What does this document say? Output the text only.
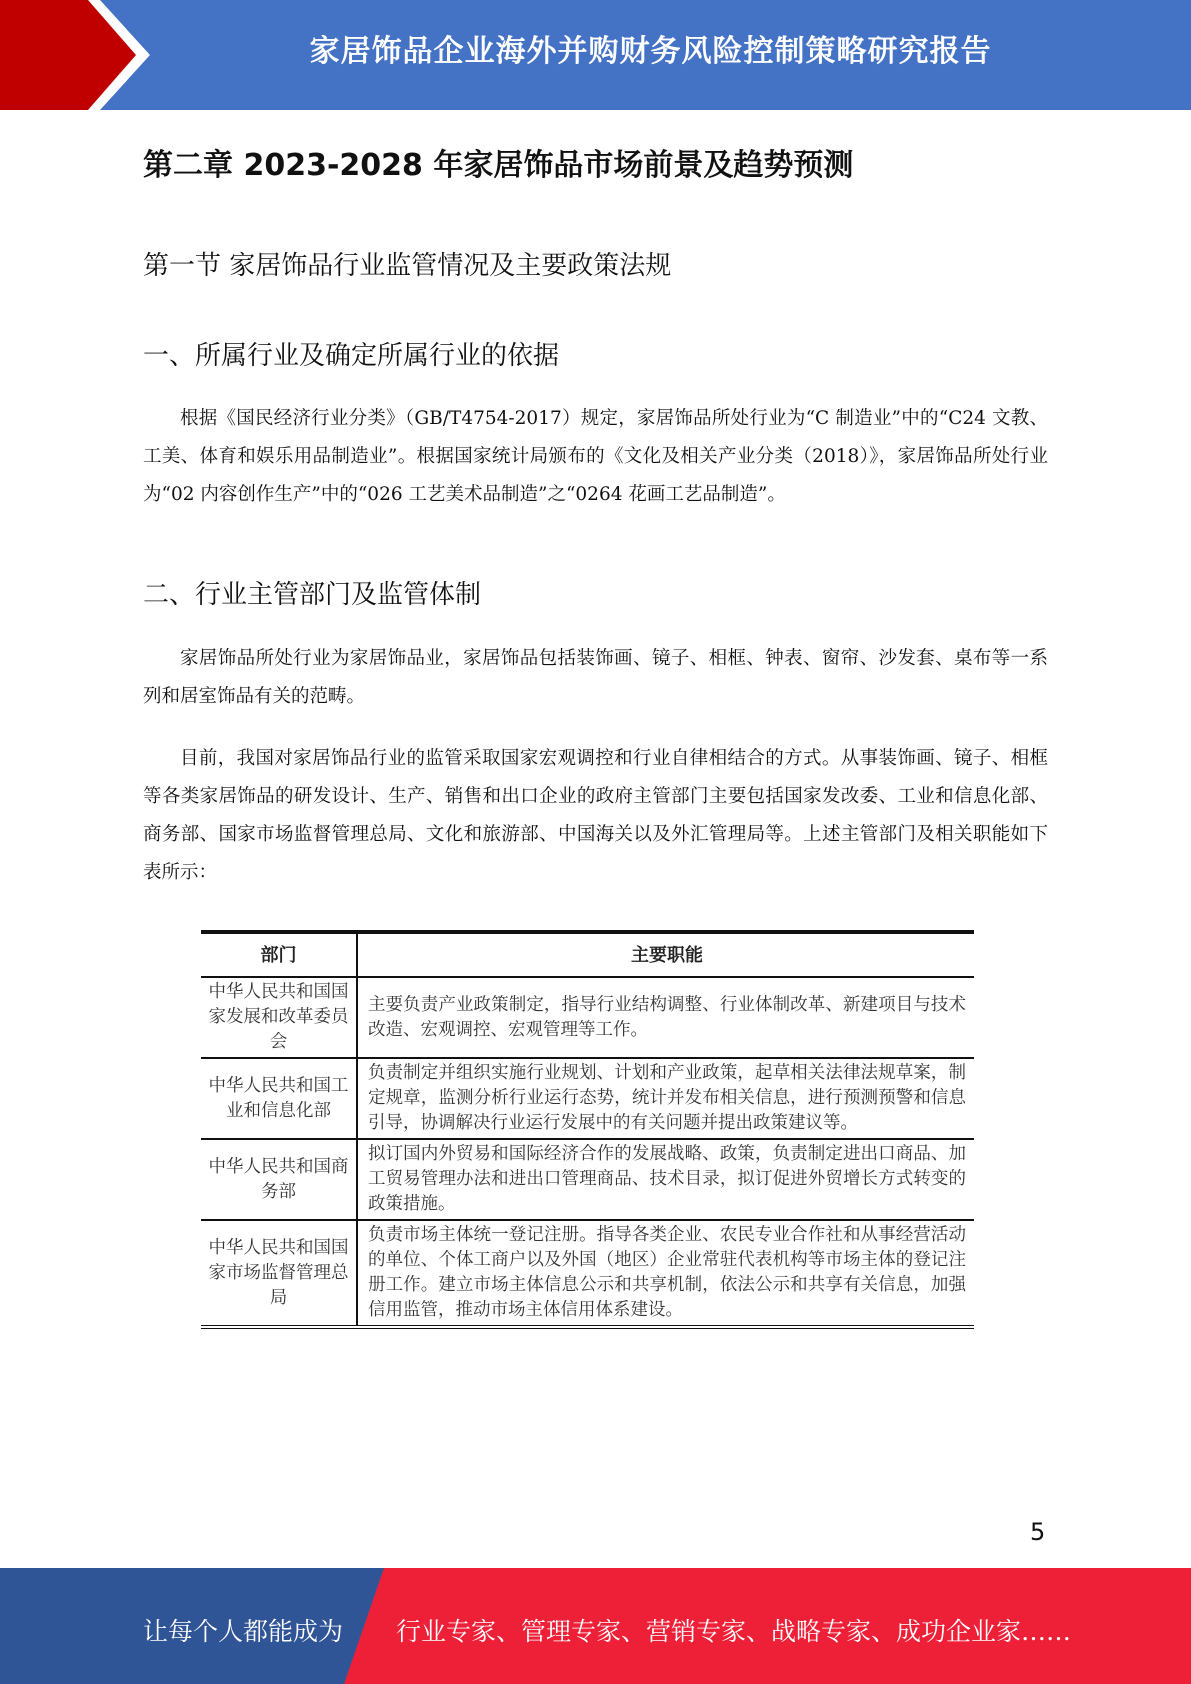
家居饰品企业海外并购财务风险控制策略研究报告
第二章 2023-2028 年家居饰品市场前景及趋势预测
第一节 家居饰品行业监管情况及主要政策法规
一、所属行业及确定所属行业的依据

根据《国民经济行业分类》（GB/T4754-2017）规定，家居饰品所处行业为“C 制造业”中的“C24 文教、工美、体育和娱乐用品制造业”。根据国家统计局颁布的《文化及相关产业分类（2018）》，家居饰品所处行业为“02 内容创作生产”中的“026 工艺美术品制造”之“0264 花画工艺品制造”。

二、行业主管部门及监管体制

家居饰品所处行业为家居饰品业，家居饰品包括装饰画、镜子、相框、钟表、窗帘、沙发套、桌布等一系列和居室饰品有关的范畴。

目前，我国对家居饰品行业的监管采取国家宏观调控和行业自律相结合的方式。从事装饰画、镜子、相框等各类家居饰品的研发设计、生产、销售和出口企业的政府主管部门主要包括国家发改委、工业和信息化部、商务部、国家市场监督管理总局、文化和旅游部、中国海关以及外汇管理局等。上述主管部门及相关职能如下表所示：

部门	主要职能
中华人民共和国国家发展和改革委员会	主要负责产业政策制定，指导行业结构调整、行业体制改革、新建项目与技术改造、宏观调控、宏观管理等工作。
中华人民共和国工业和信息化部	负责制定并组织实施行业规划、计划和产业政策，起草相关法律法规草案，制定规章，监测分析行业运行态势，统计并发布相关信息，进行预测预警和信息引导，协调解决行业运行发展中的有关问题并提出政策建议等。
中华人民共和国商务部	拟订国内外贸易和国际经济合作的发展战略、政策，负责制定进出口商品、加工贸易管理办法和进出口管理商品、技术目录，拟订促进外贸增长方式转变的政策措施。
中华人民共和国国家市场监督管理总局	负责市场主体统一登记注册。指导各类企业、农民专业合作社和从事经营活动的单位、个体工商户以及外国（地区）企业常驻代表机构等市场主体的登记注册工作。建立市场主体信息公示和共享机制，依法公示和共享有关信息，加强信用监管，推动市场主体信用体系建设。
5
让每个人都能成为 行业专家、管理专家、营销专家、战略专家、成功企业家……
